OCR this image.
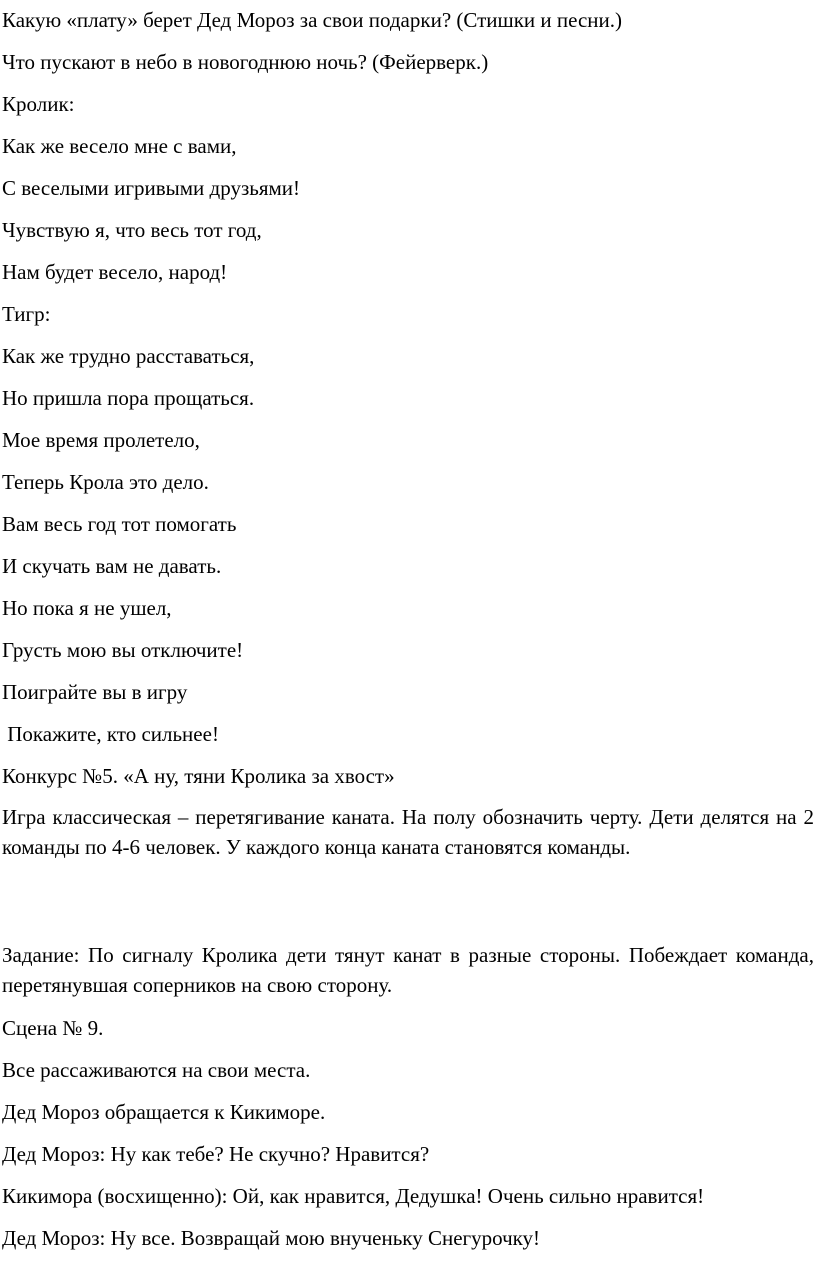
Какую «плату» берет Дед Мороз за свои подарки? (Стишки и песни.)
Что пускают в небо в новогоднюю ночь? (Фейерверк.)
Кролик:
Как же весело мне с вами,
С веселыми игривыми друзьями!
Чувствую я, что весь тот год,
Нам будет весело, народ!
Тигр:
Как же трудно расставаться,
Но пришла пора прощаться.
Мое время пролетело,
Теперь Крола это дело.
Вам весь год тот помогать
И скучать вам не давать.
Но пока я не ушел,
Грусть мою вы отключите!
Поиграйте вы в игру
Покажите, кто сильнее!
Конкурс №5. «А ну, тяни Кролика за хвост»
Игра классическая – перетягивание каната. На полу обозначить черту. Дети делятся на 2 команды по 4-6 человек. У каждого конца каната становятся команды.
Задание: По сигналу Кролика дети тянут канат в разные стороны. Побеждает команда, перетянувшая соперников на свою сторону.
Сцена № 9.
Все рассаживаются на свои места.
Дед Мороз обращается к Кикиморе.
Дед Мороз: Ну как тебе? Не скучно? Нравится?
Кикимора (восхищенно): Ой, как нравится, Дедушка! Очень сильно нравится!
Дед Мороз: Ну все. Возвращай мою внученьку Снегурочку!
